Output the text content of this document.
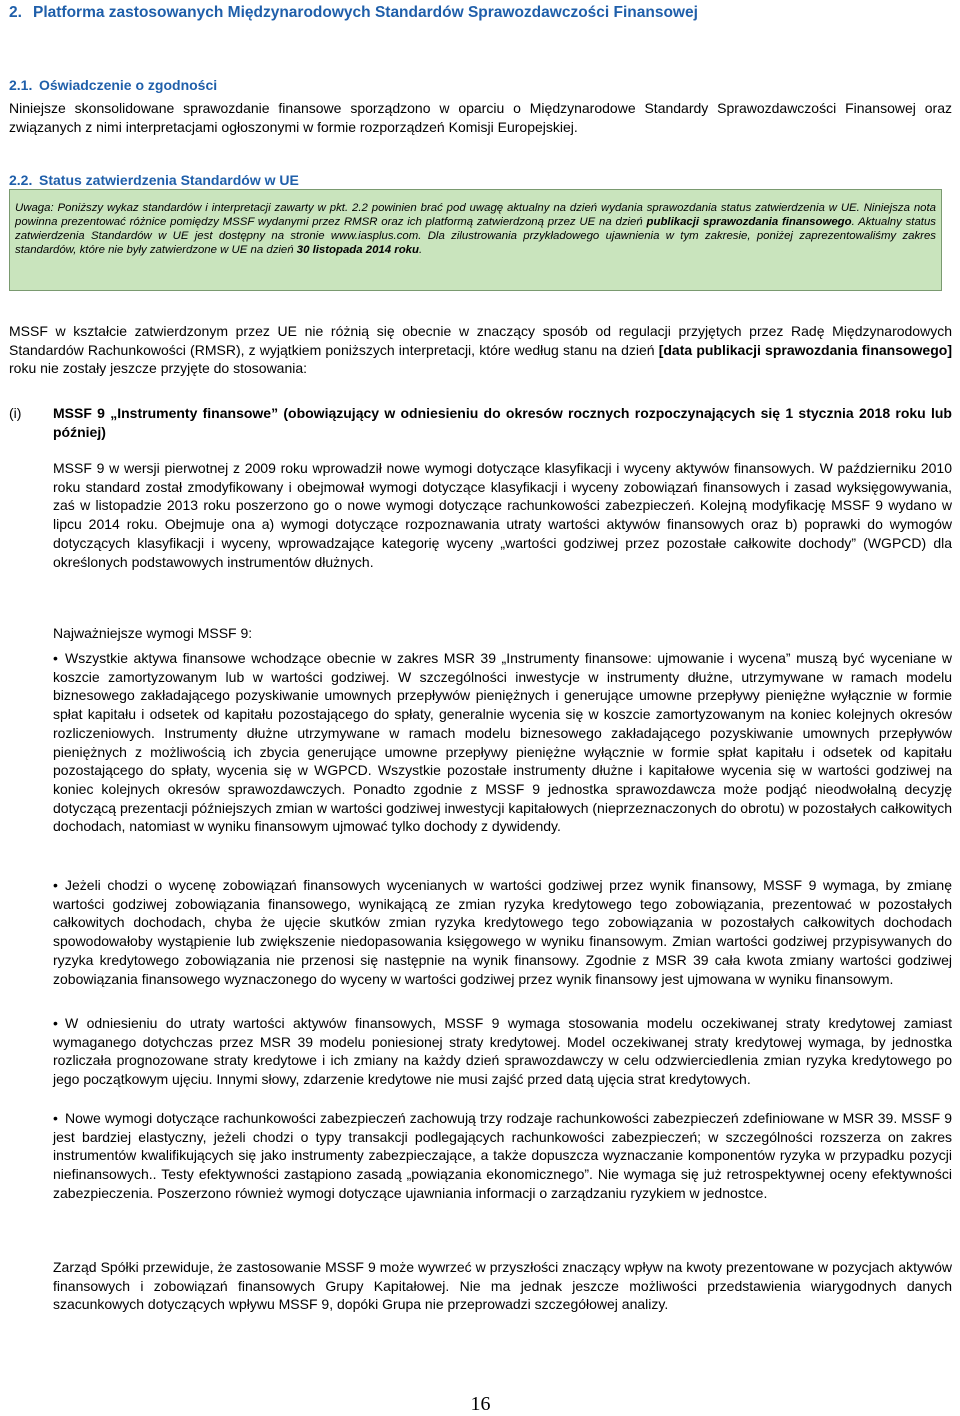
2. Platforma zastosowanych Międzynarodowych Standardów Sprawozdawczości Finansowej
2.1. Oświadczenie o zgodności
Niniejsze skonsolidowane sprawozdanie finansowe sporządzono w oparciu o Międzynarodowe Standardy Sprawozdawczości Finansowej oraz związanych z nimi interpretacjami ogłoszonymi w formie rozporządzeń Komisji Europejskiej.
2.2. Status zatwierdzenia Standardów w UE
Uwaga: Poniższy wykaz standardów i interpretacji zawarty w pkt. 2.2 powinien brać pod uwagę aktualny na dzień wydania sprawozdania status zatwierdzenia w UE. Niniejsza nota powinna prezentować różnice pomiędzy MSSF wydanymi przez RMSR oraz ich platformą zatwierdzoną przez UE na dzień publikacji sprawozdania finansowego. Aktualny status zatwierdzenia Standardów w UE jest dostępny na stronie www.iasplus.com. Dla zilustrowania przykładowego ujawnienia w tym zakresie, poniżej zaprezentowaliśmy zakres standardów, które nie były zatwierdzone w UE na dzień 30 listopada 2014 roku.
MSSF w kształcie zatwierdzonym przez UE nie różnią się obecnie w znaczący sposób od regulacji przyjętych przez Radę Międzynarodowych Standardów Rachunkowości (RMSR), z wyjątkiem poniższych interpretacji, które według stanu na dzień [data publikacji sprawozdania finansowego] roku nie zostały jeszcze przyjęte do stosowania:
(i) MSSF 9 „Instrumenty finansowe” (obowiązujący w odniesieniu do okresów rocznych rozpoczynających się 1 stycznia 2018 roku lub później)
MSSF 9 w wersji pierwotnej z 2009 roku wprowadził nowe wymogi dotyczące klasyfikacji i wyceny aktywów finansowych. W październiku 2010 roku standard został zmodyfikowany i obejmował wymogi dotyczące klasyfikacji i wyceny zobowiązań finansowych i zasad wyksięgowywania, zaś w listopadzie 2013 roku poszerzono go o nowe wymogi dotyczące rachunkowości zabezpieczeń. Kolejną modyfikację MSSF 9 wydano w lipcu 2014 roku. Obejmuje ona a) wymogi dotyczące rozpoznawania utraty wartości aktywów finansowych oraz b) poprawki do wymogów dotyczących klasyfikacji i wyceny, wprowadzające kategorię wyceny „wartości godziwej przez pozostałe całkowite dochody” (WGPCD) dla określonych podstawowych instrumentów dłużnych.
Najważniejsze wymogi MSSF 9:
• Wszystkie aktywa finansowe wchodzące obecnie w zakres MSR 39 „Instrumenty finansowe: ujmowanie i wycena” muszą być wyceniane w koszcie zamortyzowanym lub w wartości godziwej. W szczególności inwestycje w instrumenty dłużne, utrzymywane w ramach modelu biznesowego zakładającego pozyskiwanie umownych przepływów pieniężnych i generujące umowne przepływy pieniężne wyłącznie w formie spłat kapitału i odsetek od kapitału pozostającego do spłaty, generalnie wycenia się w koszcie zamortyzowanym na koniec kolejnych okresów rozliczeniowych. Instrumenty dłużne utrzymywane w ramach modelu biznesowego zakładającego pozyskiwanie umownych przepływów pieniężnych z możliwością ich zbycia generujące umowne przepływy pieniężne wyłącznie w formie spłat kapitału i odsetek od kapitału pozostającego do spłaty, wycenia się w WGPCD. Wszystkie pozostałe instrumenty dłużne i kapitałowe wycenia się w wartości godziwej na koniec kolejnych okresów sprawozdawczych. Ponadto zgodnie z MSSF 9 jednostka sprawozdawcza może podjąć nieodwołalną decyzję dotyczącą prezentacji późniejszych zmian w wartości godziwej inwestycji kapitałowych (nieprzeznaczonych do obrotu) w pozostałych całkowitych dochodach, natomiast w wyniku finansowym ujmować tylko dochody z dywidendy.
• Jeżeli chodzi o wycenę zobowiązań finansowych wycenianych w wartości godziwej przez wynik finansowy, MSSF 9 wymaga, by zmianę wartości godziwej zobowiązania finansowego, wynikającą ze zmian ryzyka kredytowego tego zobowiązania, prezentować w pozostałych całkowitych dochodach, chyba że ujęcie skutków zmian ryzyka kredytowego tego zobowiązania w pozostałych całkowitych dochodach spowodowałoby wystąpienie lub zwiększenie niedopasowania księgowego w wyniku finansowym. Zmian wartości godziwej przypisywanych do ryzyka kredytowego zobowiązania nie przenosi się następnie na wynik finansowy. Zgodnie z MSR 39 cała kwota zmiany wartości godziwej zobowiązania finansowego wyznaczonego do wyceny w wartości godziwej przez wynik finansowy jest ujmowana w wyniku finansowym.
• W odniesieniu do utraty wartości aktywów finansowych, MSSF 9 wymaga stosowania modelu oczekiwanej straty kredytowej zamiast wymaganego dotychczas przez MSR 39 modelu poniesionej straty kredytowej. Model oczekiwanej straty kredytowej wymaga, by jednostka rozliczała prognozowane straty kredytowe i ich zmiany na każdy dzień sprawozdawczy w celu odzwierciedlenia zmian ryzyka kredytowego po jego początkowym ujęciu. Innymi słowy, zdarzenie kredytowe nie musi zajść przed datą ujęcia strat kredytowych.
• Nowe wymogi dotyczące rachunkowości zabezpieczeń zachowują trzy rodzaje rachunkowości zabezpieczeń zdefiniowane w MSR 39. MSSF 9 jest bardziej elastyczny, jeżeli chodzi o typy transakcji podlegających rachunkowości zabezpieczeń; w szczególności rozszerza on zakres instrumentów kwalifikujących się jako instrumenty zabezpieczające, a także dopuszcza wyznaczanie komponentów ryzyka w przypadku pozycji niefinansowych.. Testy efektywności zastąpiono zasadą „powiązania ekonomicznego”. Nie wymaga się już retrospektywnej oceny efektywności zabezpieczenia. Poszerzono również wymogi dotyczące ujawniania informacji o zarządzaniu ryzykiem w jednostce.
Zarząd Spółki przewiduje, że zastosowanie MSSF 9 może wywrzeć w przyszłości znaczący wpływ na kwoty prezentowane w pozycjach aktywów finansowych i zobowiązań finansowych Grupy Kapitałowej. Nie ma jednak jeszcze możliwości przedstawienia wiarygodnych danych szacunkowych dotyczących wpływu MSSF 9, dopóki Grupa nie przeprowadzi szczegółowej analizy.
16
